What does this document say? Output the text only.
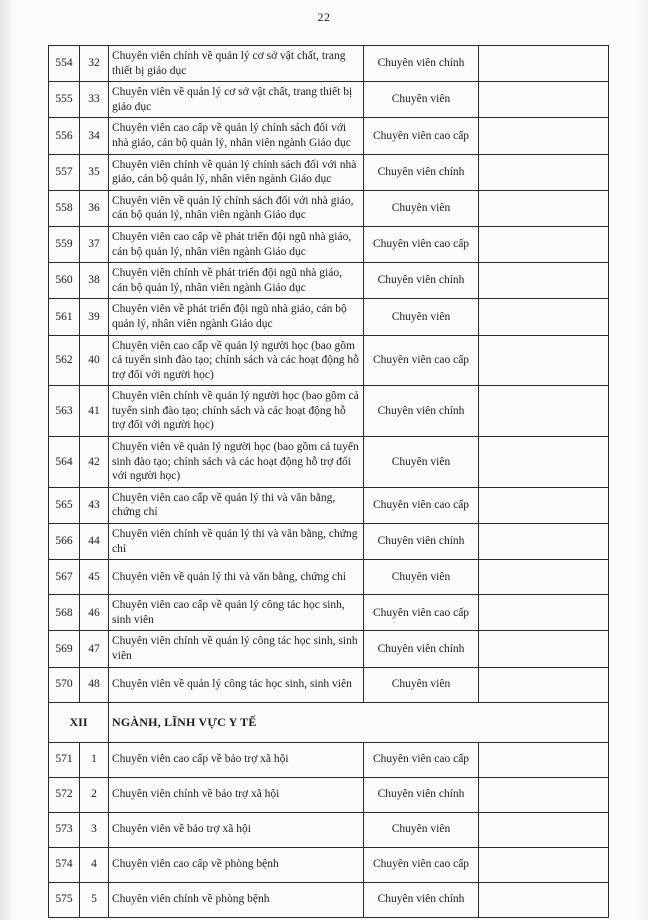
22
554	32	Chuyên viên chính về quản lý cơ sở vật chất, trang thiết bị giáo dục	Chuyên viên chính	
555	33	Chuyên viên về quản lý cơ sở vật chất, trang thiết bị giáo dục	Chuyên viên	
556	34	Chuyên viên cao cấp về quản lý chính sách đối với nhà giáo, cán bộ quản lý, nhân viên ngành Giáo dục	Chuyên viên cao cấp	
557	35	Chuyên viên chính về quản lý chính sách đối với nhà giáo, cán bộ quản lý, nhân viên ngành Giáo dục	Chuyên viên chính	
558	36	Chuyên viên về quản lý chính sách đối với nhà giáo, cán bộ quản lý, nhân viên ngành Giáo dục	Chuyên viên	
559	37	Chuyên viên cao cấp về phát triển đội ngũ nhà giáo, cán bộ quản lý, nhân viên ngành Giáo dục	Chuyên viên cao cấp	
560	38	Chuyên viên chính về phát triển đội ngũ nhà giáo, cán bộ quản lý, nhân viên ngành Giáo dục	Chuyên viên chính	
561	39	Chuyên viên về phát triển đội ngũ nhà giáo, cán bộ quản lý, nhân viên ngành Giáo dục	Chuyên viên	
562	40	Chuyên viên cao cấp về quản lý người học (bao gồm cả tuyển sinh đào tạo; chính sách và các hoạt động hỗ trợ đối với người học)	Chuyên viên cao cấp	
563	41	Chuyên viên chính về quản lý người học (bao gồm cả tuyển sinh đào tạo; chính sách và các hoạt động hỗ trợ đối với người học)	Chuyên viên chính	
564	42	Chuyên viên về quản lý người học (bao gồm cả tuyển sinh đào tạo; chính sách và các hoạt động hỗ trợ đối với người học)	Chuyên viên	
565	43	Chuyên viên cao cấp về quản lý thi và văn bằng, chứng chỉ	Chuyên viên cao cấp	
566	44	Chuyên viên chính về quản lý thi và văn bằng, chứng chỉ	Chuyên viên chính	
567	45	Chuyên viên về quản lý thi và văn bằng, chứng chỉ	Chuyên viên	
568	46	Chuyên viên cao cấp về quản lý công tác học sinh, sinh viên	Chuyên viên cao cấp	
569	47	Chuyên viên chính về quản lý công tác học sinh, sinh viên	Chuyên viên chính	
570	48	Chuyên viên về quản lý công tác học sinh, sinh viên	Chuyên viên	
XII		NGÀNH, LĨNH VỰC Y TẾ		
571	1	Chuyên viên cao cấp về bảo trợ xã hội	Chuyên viên cao cấp	
572	2	Chuyên viên chính về bảo trợ xã hội	Chuyên viên chính	
573	3	Chuyên viên về bảo trợ xã hội	Chuyên viên	
574	4	Chuyên viên cao cấp về phòng bệnh	Chuyên viên cao cấp	
575	5	Chuyên viên chính về phòng bệnh	Chuyên viên chính	
